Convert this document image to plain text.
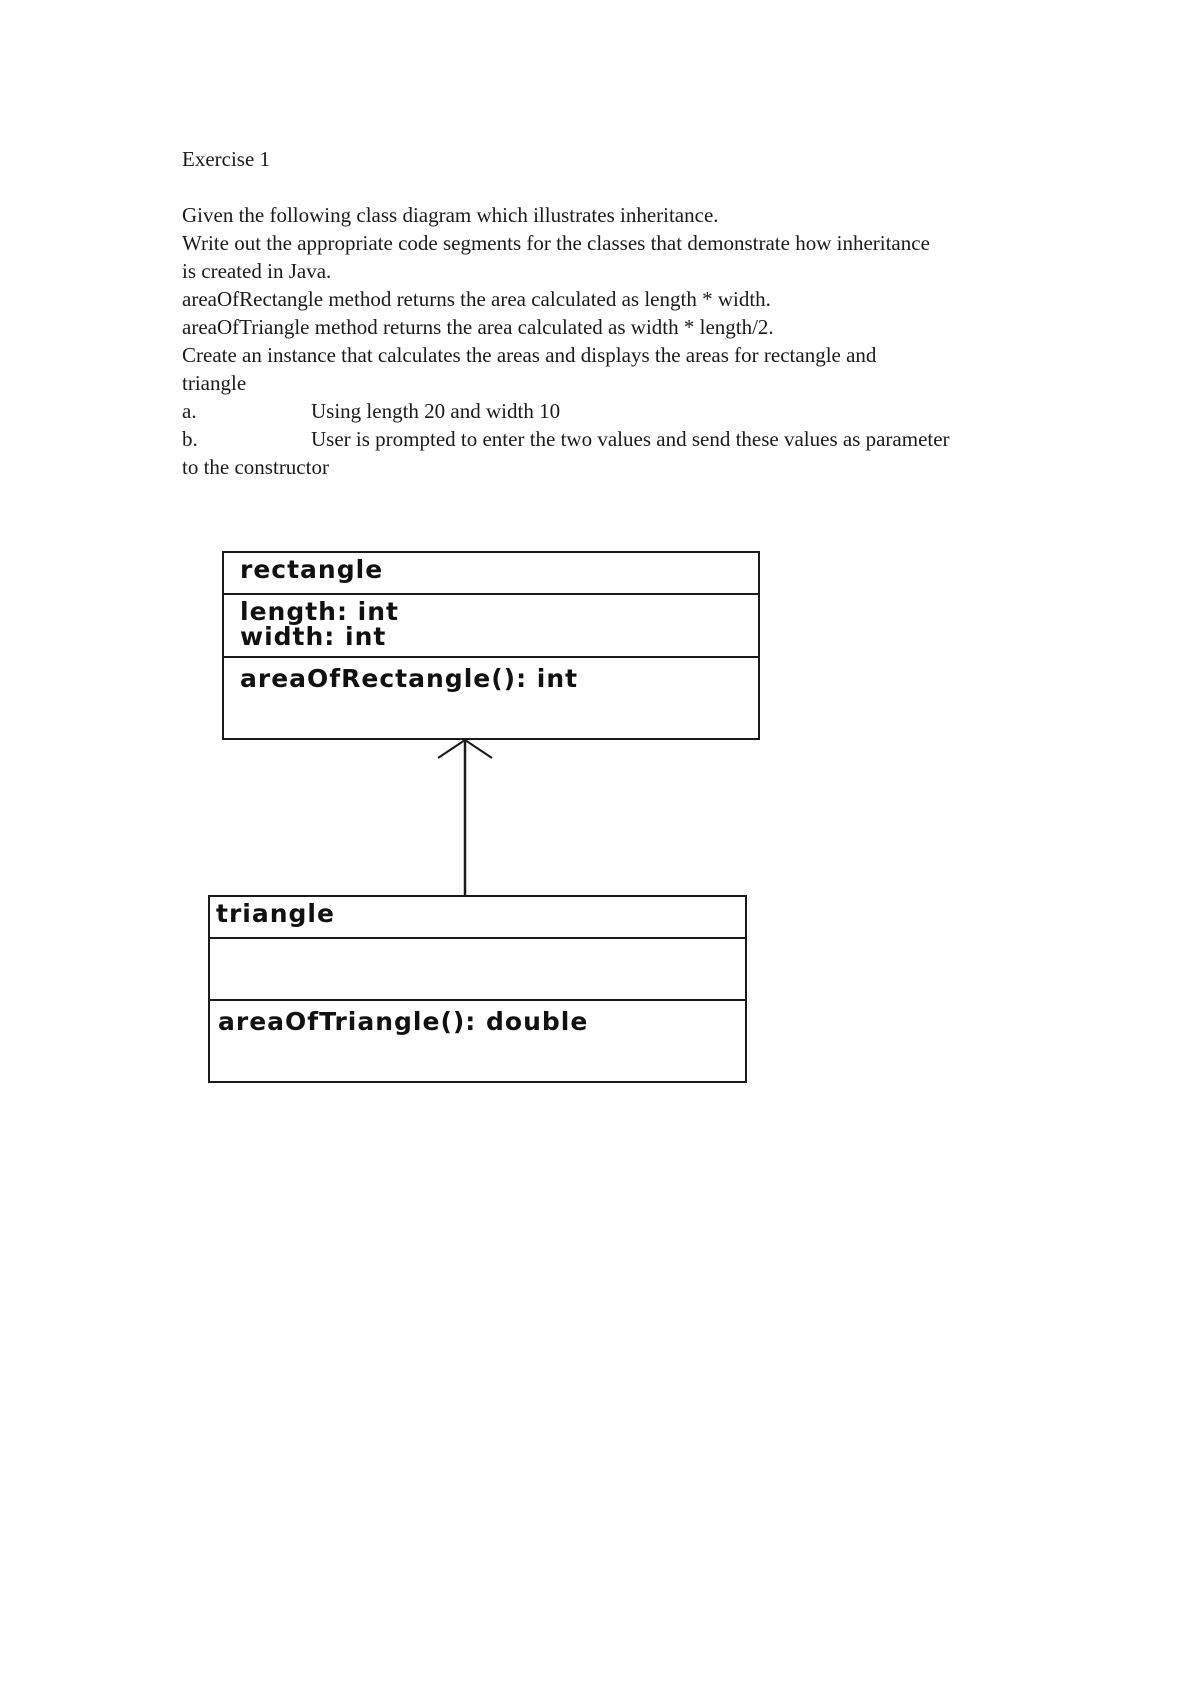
Exercise 1
Given the following class diagram which illustrates inheritance.
Write out the appropriate code segments for the classes that demonstrate how inheritance
is created in Java.
areaOfRectangle method returns the area calculated as length * width.
areaOfTriangle method returns the area calculated as width * length/2.
Create an instance that calculates the areas and displays the areas for rectangle and
triangle
a.	Using length 20 and width 10
b.	User is prompted to enter the two values and send these values as parameter
to the constructor
rectangle
length: int
width: int
areaOfRectangle(): int
triangle
areaOfTriangle(): double
